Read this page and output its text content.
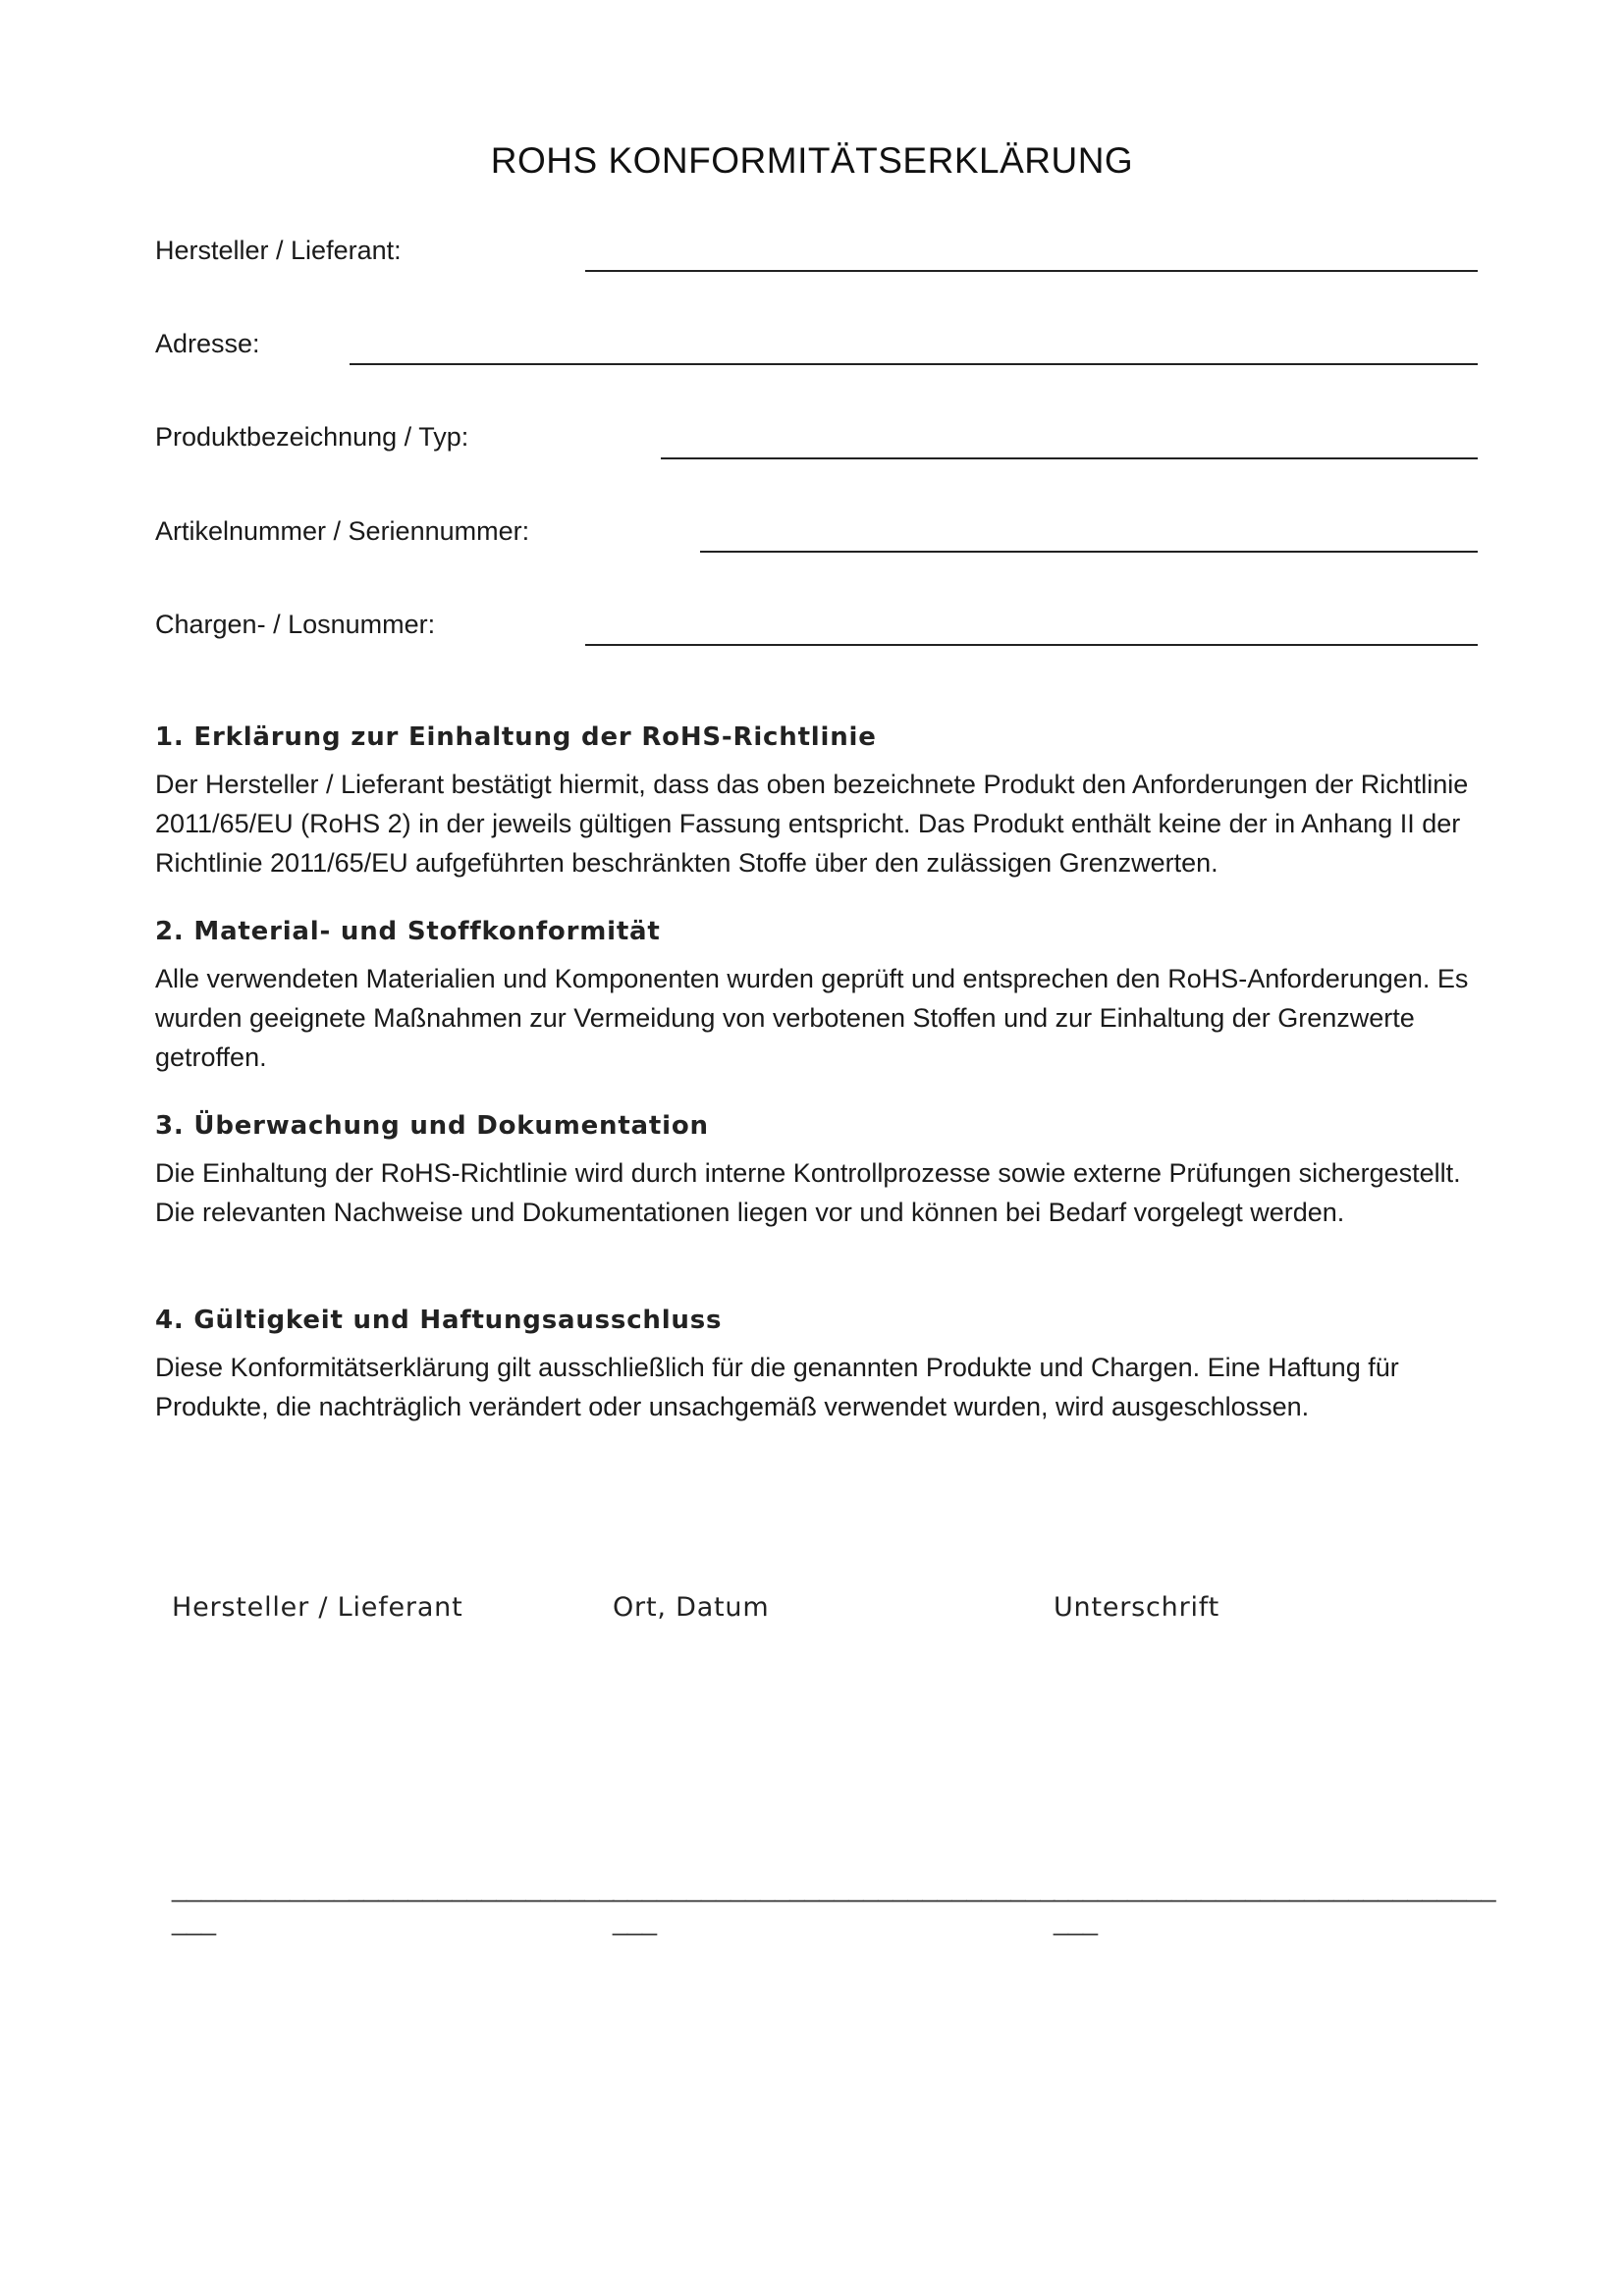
ROHS KONFORMITÄTSERKLÄRUNG
Hersteller / Lieferant:
Adresse:
Produktbezeichnung / Typ:
Artikelnummer / Seriennummer:
Chargen- / Losnummer:
1. Erklärung zur Einhaltung der RoHS-Richtlinie

Der Hersteller / Lieferant bestätigt hiermit, dass das oben bezeichnete Produkt den Anforderungen der Richtlinie 2011/65/EU (RoHS 2) in der jeweils gültigen Fassung entspricht. Das Produkt enthält keine der in Anhang II der Richtlinie 2011/65/EU aufgeführten beschränkten Stoffe über den zulässigen Grenzwerten.

2. Material- und Stoffkonformität

Alle verwendeten Materialien und Komponenten wurden geprüft und entsprechen den RoHS-Anforderungen. Es wurden geeignete Maßnahmen zur Vermeidung von verbotenen Stoffen und zur Einhaltung der Grenzwerte getroffen.

3. Überwachung und Dokumentation

Die Einhaltung der RoHS-Richtlinie wird durch interne Kontrollprozesse sowie externe Prüfungen sichergestellt. Die relevanten Nachweise und Dokumentationen liegen vor und können bei Bedarf vorgelegt werden.

4. Gültigkeit und Haftungsausschluss

Diese Konformitätserklärung gilt ausschließlich für die genannten Produkte und Chargen. Eine Haftung für Produkte, die nachträglich verändert oder unsachgemäß verwendet wurden, wird ausgeschlossen.

Hersteller / Lieferant	Ort, Datum	Unterschrift
______________________________
___
______________________________
___
______________________________
___
